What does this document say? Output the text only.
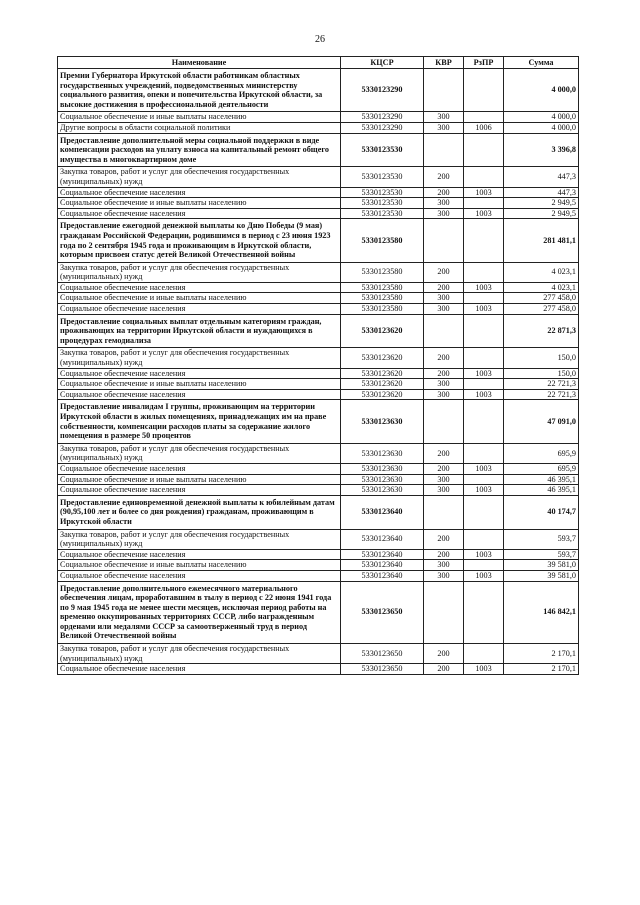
26
Наименование	КЦСР	КВР	РзПР	Сумма
Премии Губернатора Иркутской области работникам областных государственных учреждений, подведомственных министерству социального развития, опеки и попечительства Иркутской области, за высокие достижения в профессиональной деятельности	5330123290			4 000,0
Социальное обеспечение и иные выплаты населению	5330123290	300		4 000,0
Другие вопросы в области социальной политики	5330123290	300	1006	4 000,0
Предоставление дополнительной меры социальной поддержки в виде компенсации расходов на уплату взноса на капитальный ремонт общего имущества в многоквартирном доме	5330123530			3 396,8
Закупка товаров, работ и услуг для обеспечения государственных (муниципальных) нужд	5330123530	200		447,3
Социальное обеспечение населения	5330123530	200	1003	447,3
Социальное обеспечение и иные выплаты населению	5330123530	300		2 949,5
Социальное обеспечение населения	5330123530	300	1003	2 949,5
Предоставление ежегодной денежной выплаты ко Дню Победы (9 мая) гражданам Российской Федерации, родившимся в период с 23 июня 1923 года по 2 сентября 1945 года и проживающим в Иркутской области, которым присвоен статус детей Великой Отечественной войны	5330123580			281 481,1
Закупка товаров, работ и услуг для обеспечения государственных (муниципальных) нужд	5330123580	200		4 023,1
Социальное обеспечение населения	5330123580	200	1003	4 023,1
Социальное обеспечение и иные выплаты населению	5330123580	300		277 458,0
Социальное обеспечение населения	5330123580	300	1003	277 458,0
Предоставление социальных выплат отдельным категориям граждан, проживающих на территории Иркутской области и нуждающихся в процедурах гемодиализа	5330123620			22 871,3
Закупка товаров, работ и услуг для обеспечения государственных (муниципальных) нужд	5330123620	200		150,0
Социальное обеспечение населения	5330123620	200	1003	150,0
Социальное обеспечение и иные выплаты населению	5330123620	300		22 721,3
Социальное обеспечение населения	5330123620	300	1003	22 721,3
Предоставление инвалидам I группы, проживающим на территории Иркутской области в жилых помещениях, принадлежащих им на праве собственности, компенсации расходов платы за содержание жилого помещения в размере 50 процентов	5330123630			47 091,0
Закупка товаров, работ и услуг для обеспечения государственных (муниципальных) нужд	5330123630	200		695,9
Социальное обеспечение населения	5330123630	200	1003	695,9
Социальное обеспечение и иные выплаты населению	5330123630	300		46 395,1
Социальное обеспечение населения	5330123630	300	1003	46 395,1
Предоставление единовременной денежной выплаты к юбилейным датам (90,95,100 лет и более со дня рождения) гражданам, проживающим в Иркутской области	5330123640			40 174,7
Закупка товаров, работ и услуг для обеспечения государственных (муниципальных) нужд	5330123640	200		593,7
Социальное обеспечение населения	5330123640	200	1003	593,7
Социальное обеспечение и иные выплаты населению	5330123640	300		39 581,0
Социальное обеспечение населения	5330123640	300	1003	39 581,0
Предоставление дополнительного ежемесячного материального обеспечения лицам, проработавшим в тылу в период с 22 июня 1941 года по 9 мая 1945 года не менее шести месяцев, исключая период работы на временно оккупированных территориях СССР, либо награжденным орденами или медалями СССР за самоотверженный труд в период Великой Отечественной войны	5330123650			146 842,1
Закупка товаров, работ и услуг для обеспечения государственных (муниципальных) нужд	5330123650	200		2 170,1
Социальное обеспечение населения	5330123650	200	1003	2 170,1
